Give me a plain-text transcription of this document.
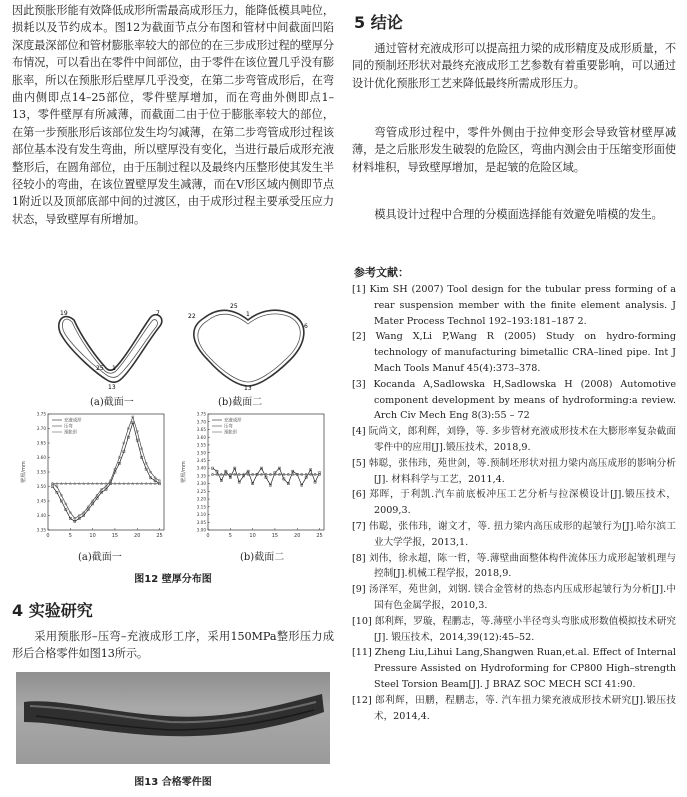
因此预胀形能有效降低成形所需最高成形压力，能降低模具吨位，损耗以及节约成本。图12为截面节点分布图和管材中间截面凹陷深度最深部位和管材膨胀率较大的部位的在三步成形过程的壁厚分布情况，可以看出在零件中间部位，由于零件在该位置几乎没有膨胀率，所以在预胀形后壁厚几乎没变，在第二步弯管成形后，在弯曲内侧即点14–25部位，零件壁厚增加，而在弯曲外侧即点1–13，零件壁厚有所减薄，而截面二由于位于膨胀率较大的部位，在第一步预胀形后该部位发生均匀减薄，在第二步弯管成形过程该部位基本没有发生弯曲，所以壁厚没有变化，当进行最后成形充液整形后，在圆角部位，由于压制过程以及最终内压整形使其发生半径较小的弯曲，在该位置壁厚发生减薄，而在V形区域内侧即节点1附近以及顶部底部中间的过渡区，由于成形过程主要承受压应力状态，导致壁厚有所增加。

19	7
25 1
13
22
25
1
6
13
(a)截面一	(b)截面二
3.35
3.40
3.45
3.50
3.55
3.60
3.65
3.70
3.75
0	5	10	15	20	25
壁厚/mm
充液成形
压弯
预胀形
3.00
3.05
3.10
3.15
3.20
3.25
3.30
3.35
3.40
3.45
3.50
3.55
3.60
3.65
3.70
3.75
0	5	10	15	20	25
壁厚/mm
充液成形
压弯
预胀形
(a)截面一	(b)截面二

图12 壁厚分布图

4 实验研究

采用预胀形–压弯–充液成形工序，采用150MPa整形压力成形后合格零件如图13所示。

图13 合格零件图

5 结论

通过管材充液成形可以提高扭力梁的成形精度及成形质量，不同的预制坯形状对最终充液成形工艺参数有着重要影响，可以通过设计优化预胀形工艺来降低最终所需成形压力。

弯管成形过程中，零件外侧由于拉伸变形会导致管材壁厚减薄，是之后胀形发生破裂的危险区，弯曲内测会由于压缩变形面使材料堆积，导致壁厚增加，是起皱的危险区域。

模具设计过程中合理的分模面选择能有效避免啃模的发生。

参考文献：

[1] Kim SH (2007) Tool design for the tubular press forming of a rear suspension member with the finite element analysis. J Mater Process Technol 192–193:181–187 2.

[2] Wang X,Li P,Wang R (2005) Study on hydro-forming technology of manufacturing bimetallic CRA–lined pipe. Int J Mach Tools Manuf 45(4):373–378.

[3] Kocanda A,Sadlowska H,Sadlowska H (2008) Automotive component development by means of hydroforming:a review. Arch Civ Mech Eng 8(3):55 – 72

[4] 阮尚文，郎利辉，刘铮，等. 多步管材充液成形技术在大膨形率复杂截面零件中的应用[J].锻压技术，2018,9.

[5] 韩聪，张伟玮，苑世剑，等.预制坯形状对扭力梁内高压成形的影响分析[J]. 材料科学与工艺，2011,4.

[6] 郑晖，于利凯.汽车前底板冲压工艺分析与拉深模设计[J].锻压技术，2009,3.

[7] 伟聪，张伟玮，谢文才，等. 扭力梁内高压成形的起皱行为[J].哈尔滨工业大学学报，2013,1.

[8] 刘伟，徐永超，陈一哲，等.薄壁曲面整体构件流体压力成形起皱机理与控制[J].机械工程学报，2018,9.

[9] 汤泽军，苑世剑，刘钢. 镁合金管材的热态内压成形起皱行为分析[J].中国有色金属学报，2010,3.

[10] 郎利辉，罗璇，程鹏志，等.薄壁小半径弯头弯胀成形数值模拟技术研究[J]. 锻压技术，2014,39(12):45–52.

[11] Zheng Liu,Lihui Lang,Shangwen Ruan,et.al. Effect of Internal Pressure Assisted on Hydroforming for CP800 High–strength Steel Torsion Beam[J]. J BRAZ SOC MECH SCI 41:90.

[12] 郎利辉，田鹏，程鹏志，等. 汽车扭力梁充液成形技术研究[J].锻压技术，2014,4.
